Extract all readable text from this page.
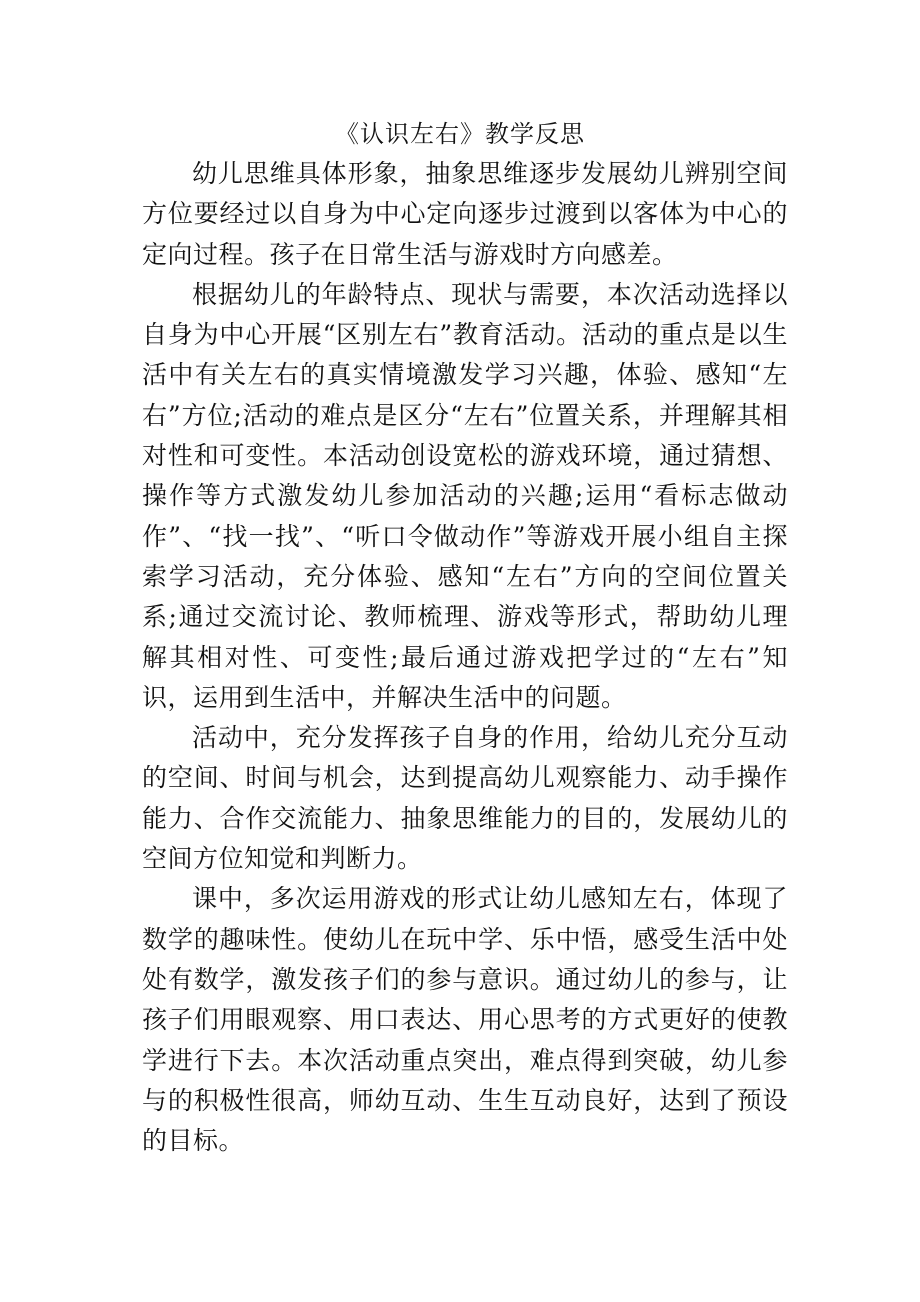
《认识左右》教学反思

幼儿思维具体形象，抽象思维逐步发展幼儿辨别空间方位要经过以自身为中心定向逐步过渡到以客体为中心的定向过程。孩子在日常生活与游戏时方向感差。

根据幼儿的年龄特点、现状与需要，本次活动选择以自身为中心开展“区别左右”教育活动。活动的重点是以生活中有关左右的真实情境激发学习兴趣，体验、感知“左右”方位;活动的难点是区分“左右”位置关系，并理解其相对性和可变性。本活动创设宽松的游戏环境，通过猜想、操作等方式激发幼儿参加活动的兴趣;运用“看标志做动作”、“找一找”、“听口令做动作”等游戏开展小组自主探索学习活动，充分体验、感知“左右”方向的空间位置关系;通过交流讨论、教师梳理、游戏等形式，帮助幼儿理解其相对性、可变性;最后通过游戏把学过的“左右”知识，运用到生活中，并解决生活中的问题。

活动中，充分发挥孩子自身的作用，给幼儿充分互动的空间、时间与机会，达到提高幼儿观察能力、动手操作能力、合作交流能力、抽象思维能力的目的，发展幼儿的空间方位知觉和判断力。

课中，多次运用游戏的形式让幼儿感知左右，体现了数学的趣味性。使幼儿在玩中学、乐中悟，感受生活中处处有数学，激发孩子们的参与意识。通过幼儿的参与，让孩子们用眼观察、用口表达、用心思考的方式更好的使教学进行下去。本次活动重点突出，难点得到突破，幼儿参与的积极性很高，师幼互动、生生互动良好，达到了预设的目标。
